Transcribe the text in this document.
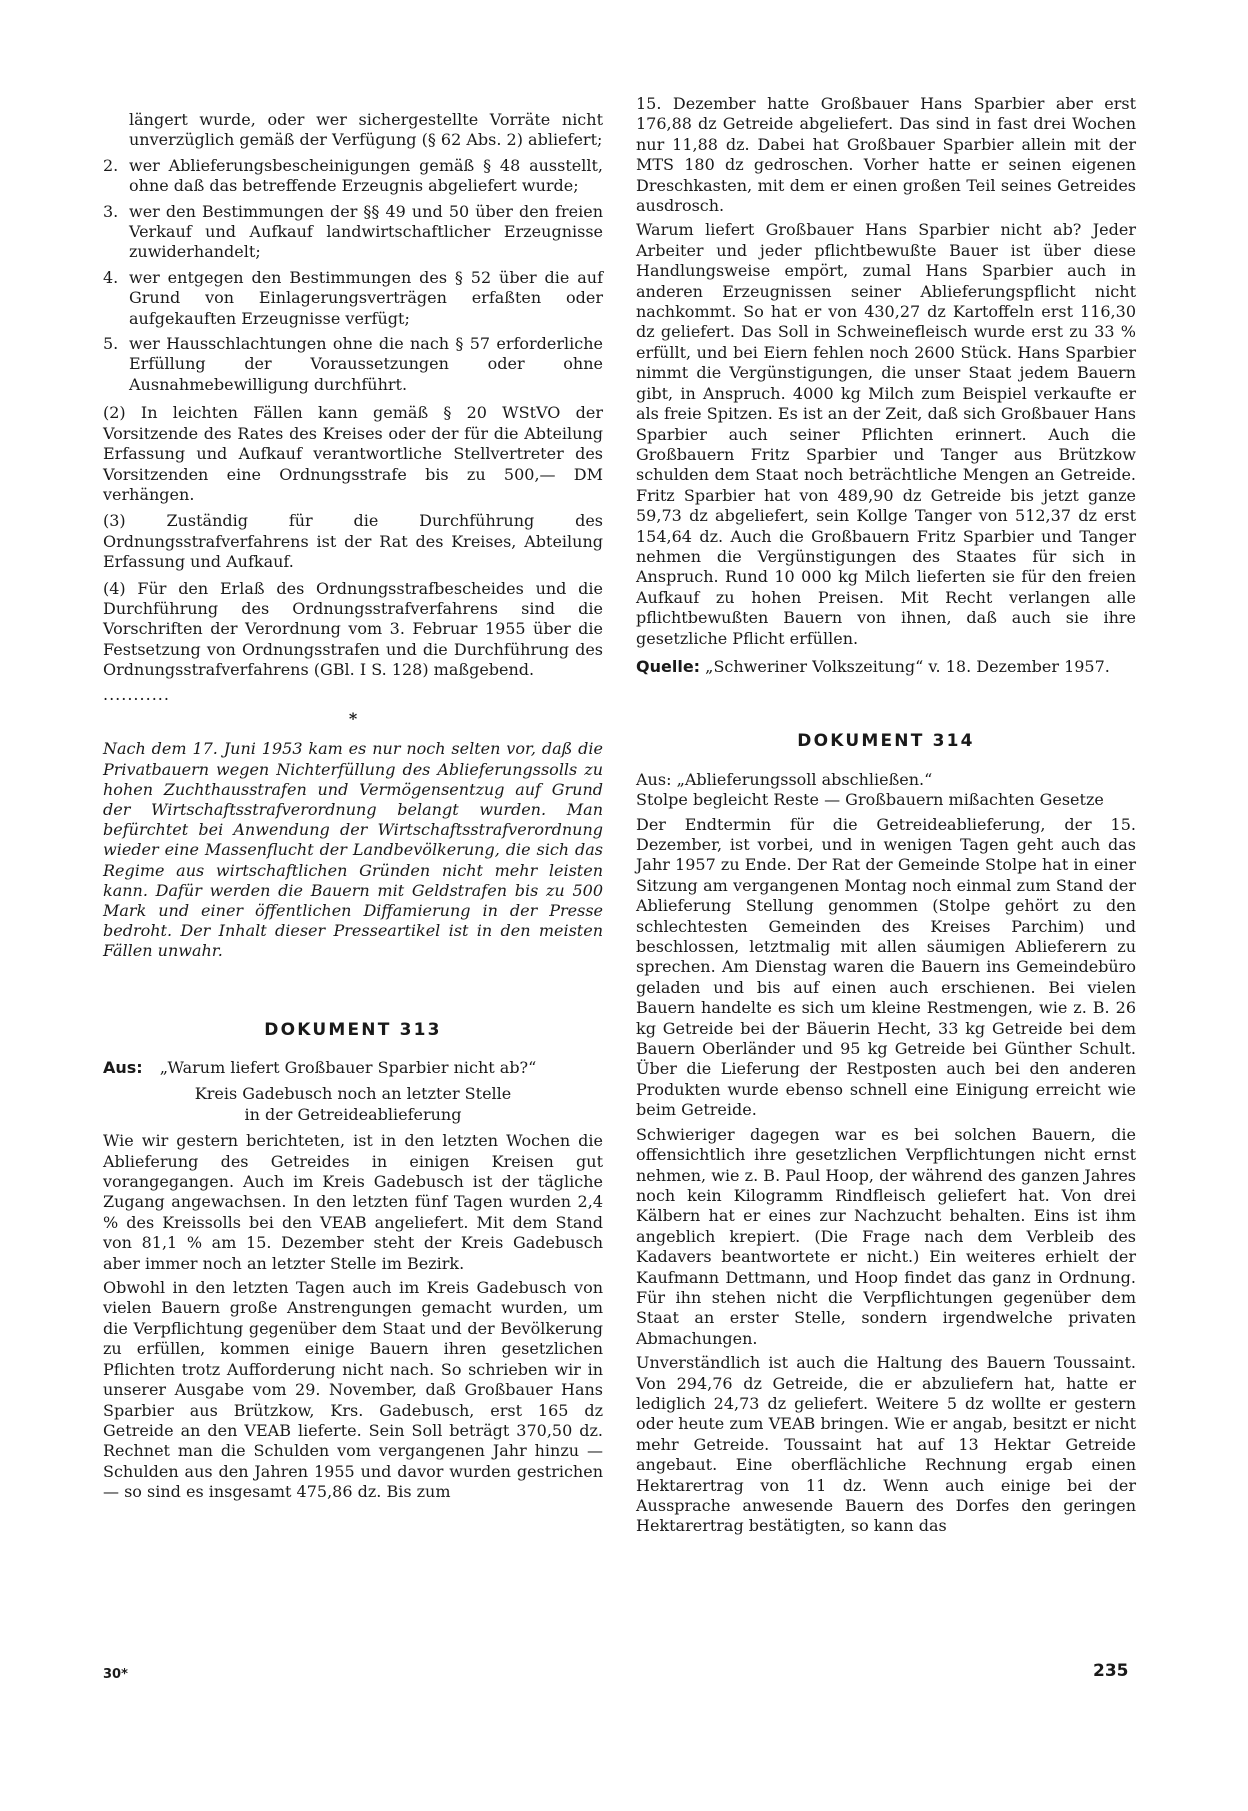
längert wurde, oder wer sichergestellte Vorräte nicht unverzüglich gemäß der Verfügung (§ 62 Abs. 2) abliefert;

2. wer Ablieferungsbescheinigungen gemäß § 48 ausstellt, ohne daß das betreffende Erzeugnis abgeliefert wurde;
3. wer den Bestimmungen der §§ 49 und 50 über den freien Verkauf und Aufkauf landwirtschaftlicher Erzeugnisse zuwiderhandelt;
4. wer entgegen den Bestimmungen des § 52 über die auf Grund von Einlagerungsverträgen erfaßten oder aufgekauften Erzeugnisse verfügt;
5. wer Hausschlachtungen ohne die nach § 57 erforderliche Erfüllung der Voraussetzungen oder ohne Ausnahmebewilligung durchführt.

(2) In leichten Fällen kann gemäß § 20 WStVO der Vorsitzende des Rates des Kreises oder der für die Abteilung Erfassung und Aufkauf verantwortliche Stellvertreter des Vorsitzenden eine Ordnungsstrafe bis zu 500,— DM verhängen.

(3) Zuständig für die Durchführung des Ordnungsstrafverfahrens ist der Rat des Kreises, Abteilung Erfassung und Aufkauf.

(4) Für den Erlaß des Ordnungsstrafbescheides und die Durchführung des Ordnungsstrafverfahrens sind die Vorschriften der Verordnung vom 3. Februar 1955 über die Festsetzung von Ordnungsstrafen und die Durchführung des Ordnungsstrafverfahrens (GBl. I S. 128) maßgebend.

...........
*

Nach dem 17. Juni 1953 kam es nur noch selten vor, daß die Privatbauern wegen Nichterfüllung des Ablieferungssolls zu hohen Zuchthausstrafen und Vermögensentzug auf Grund der Wirtschaftsstrafverordnung belangt wurden. Man befürchtet bei Anwendung der Wirtschaftsstrafverordnung wieder eine Massenflucht der Landbevölkerung, die sich das Regime aus wirtschaftlichen Gründen nicht mehr leisten kann. Dafür werden die Bauern mit Geldstrafen bis zu 500 Mark und einer öffentlichen Diffamierung in der Presse bedroht. Der Inhalt dieser Presseartikel ist in den meisten Fällen unwahr.

DOKUMENT 313

Aus: „Warum liefert Großbauer Sparbier nicht ab?“

Kreis Gadebusch noch an letzter Stelle
in der Getreideablieferung

Wie wir gestern berichteten, ist in den letzten Wochen die Ablieferung des Getreides in einigen Kreisen gut vorangegangen. Auch im Kreis Gadebusch ist der tägliche Zugang angewachsen. In den letzten fünf Tagen wurden 2,4 % des Kreissolls bei den VEAB angeliefert. Mit dem Stand von 81,1 % am 15. Dezember steht der Kreis Gadebusch aber immer noch an letzter Stelle im Bezirk.

Obwohl in den letzten Tagen auch im Kreis Gadebusch von vielen Bauern große Anstrengungen gemacht wurden, um die Verpflichtung gegenüber dem Staat und der Bevölkerung zu erfüllen, kommen einige Bauern ihren gesetzlichen Pflichten trotz Aufforderung nicht nach. So schrieben wir in unserer Ausgabe vom 29. November, daß Großbauer Hans Sparbier aus Brützkow, Krs. Gadebusch, erst 165 dz Getreide an den VEAB lieferte. Sein Soll beträgt 370,50 dz. Rechnet man die Schulden vom vergangenen Jahr hinzu — Schulden aus den Jahren 1955 und davor wurden gestrichen — so sind es insgesamt 475,86 dz. Bis zum

15. Dezember hatte Großbauer Hans Sparbier aber erst 176,88 dz Getreide abgeliefert. Das sind in fast drei Wochen nur 11,88 dz. Dabei hat Großbauer Sparbier allein mit der MTS 180 dz gedroschen. Vorher hatte er seinen eigenen Dreschkasten, mit dem er einen großen Teil seines Getreides ausdrosch.

Warum liefert Großbauer Hans Sparbier nicht ab? Jeder Arbeiter und jeder pflichtbewußte Bauer ist über diese Handlungsweise empört, zumal Hans Sparbier auch in anderen Erzeugnissen seiner Ablieferungspflicht nicht nachkommt. So hat er von 430,27 dz Kartoffeln erst 116,30 dz geliefert. Das Soll in Schweinefleisch wurde erst zu 33 % erfüllt, und bei Eiern fehlen noch 2600 Stück. Hans Sparbier nimmt die Vergünstigungen, die unser Staat jedem Bauern gibt, in Anspruch. 4000 kg Milch zum Beispiel verkaufte er als freie Spitzen. Es ist an der Zeit, daß sich Großbauer Hans Sparbier auch seiner Pflichten erinnert. Auch die Großbauern Fritz Sparbier und Tanger aus Brützkow schulden dem Staat noch beträchtliche Mengen an Getreide. Fritz Sparbier hat von 489,90 dz Getreide bis jetzt ganze 59,73 dz abgeliefert, sein Kollge Tanger von 512,37 dz erst 154,64 dz. Auch die Großbauern Fritz Sparbier und Tanger nehmen die Vergünstigungen des Staates für sich in Anspruch. Rund 10 000 kg Milch lieferten sie für den freien Aufkauf zu hohen Preisen. Mit Recht verlangen alle pflichtbewußten Bauern von ihnen, daß auch sie ihre gesetzliche Pflicht erfüllen.

Quelle: „Schweriner Volkszeitung“ v. 18. Dezember 1957.

DOKUMENT 314

Aus: „Ablieferungssoll abschließen.“

Stolpe begleicht Reste — Großbauern mißachten Gesetze

Der Endtermin für die Getreideablieferung, der 15. Dezember, ist vorbei, und in wenigen Tagen geht auch das Jahr 1957 zu Ende. Der Rat der Gemeinde Stolpe hat in einer Sitzung am vergangenen Montag noch einmal zum Stand der Ablieferung Stellung genommen (Stolpe gehört zu den schlechtesten Gemeinden des Kreises Parchim) und beschlossen, letztmalig mit allen säumigen Ablieferern zu sprechen. Am Dienstag waren die Bauern ins Gemeindebüro geladen und bis auf einen auch erschienen. Bei vielen Bauern handelte es sich um kleine Restmengen, wie z. B. 26 kg Getreide bei der Bäuerin Hecht, 33 kg Getreide bei dem Bauern Oberländer und 95 kg Getreide bei Günther Schult. Über die Lieferung der Restposten auch bei den anderen Produkten wurde ebenso schnell eine Einigung erreicht wie beim Getreide.

Schwieriger dagegen war es bei solchen Bauern, die offensichtlich ihre gesetzlichen Verpflichtungen nicht ernst nehmen, wie z. B. Paul Hoop, der während des ganzen Jahres noch kein Kilogramm Rindfleisch geliefert hat. Von drei Kälbern hat er eines zur Nachzucht behalten. Eins ist ihm angeblich krepiert. (Die Frage nach dem Verbleib des Kadavers beantwortete er nicht.) Ein weiteres erhielt der Kaufmann Dettmann, und Hoop findet das ganz in Ordnung. Für ihn stehen nicht die Verpflichtungen gegenüber dem Staat an erster Stelle, sondern irgendwelche privaten Abmachungen.

Unverständlich ist auch die Haltung des Bauern Toussaint. Von 294,76 dz Getreide, die er abzuliefern hat, hatte er lediglich 24,73 dz geliefert. Weitere 5 dz wollte er gestern oder heute zum VEAB bringen. Wie er angab, besitzt er nicht mehr Getreide. Toussaint hat auf 13 Hektar Getreide angebaut. Eine oberflächliche Rechnung ergab einen Hektarertrag von 11 dz. Wenn auch einige bei der Aussprache anwesende Bauern des Dorfes den geringen Hektarertrag bestätigten, so kann das

30*	235
